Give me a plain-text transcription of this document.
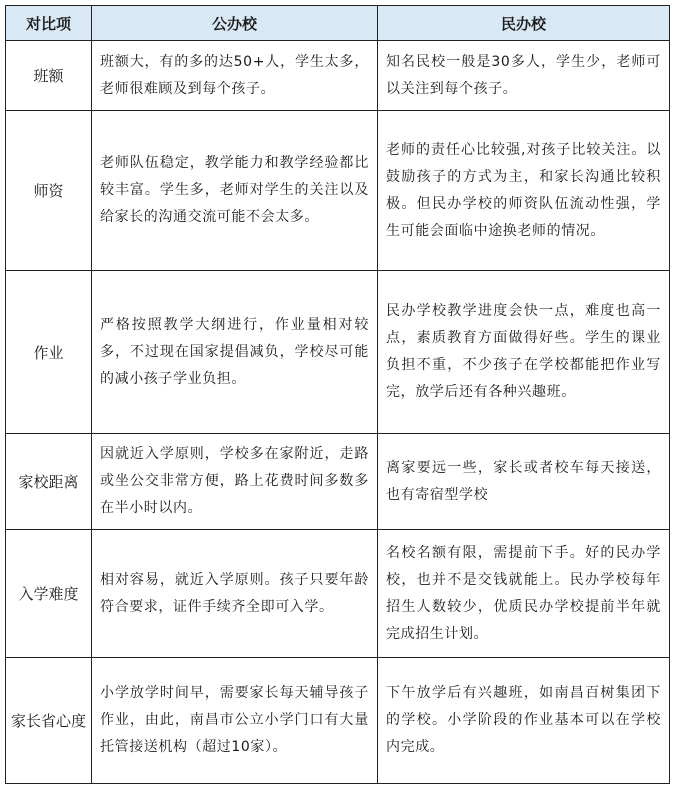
对比项	公办校	民办校
班额	班额大，有的多的达50+人，学生太多，老师很难顾及到每个孩子。	知名民校一般是30多人，学生少，老师可以关注到每个孩子。
师资	老师队伍稳定，教学能力和教学经验都比较丰富。学生多，老师对学生的关注以及给家长的沟通交流可能不会太多。	老师的责任心比较强,对孩子比较关注。以鼓励孩子的方式为主，和家长沟通比较积极。但民办学校的师资队伍流动性强，学生可能会面临中途换老师的情况。
作业	严格按照教学大纲进行，作业量相对较多，不过现在国家提倡减负，学校尽可能的减小孩子学业负担。	民办学校教学进度会快一点，难度也高一点，素质教育方面做得好些。学生的课业负担不重，不少孩子在学校都能把作业写完，放学后还有各种兴趣班。
家校距离	因就近入学原则，学校多在家附近，走路或坐公交非常方便，路上花费时间多数多在半小时以内。	离家要远一些，家长或者校车每天接送，也有寄宿型学校
入学难度	相对容易，就近入学原则。孩子只要年龄符合要求，证件手续齐全即可入学。	名校名额有限，需提前下手。好的民办学校，也并不是交钱就能上。民办学校每年招生人数较少，优质民办学校提前半年就完成招生计划。
家长省心度	小学放学时间早，需要家长每天辅导孩子作业，由此，南昌市公立小学门口有大量托管接送机构（超过10家）。	下午放学后有兴趣班，如南昌百树集团下的学校。小学阶段的作业基本可以在学校内完成。
